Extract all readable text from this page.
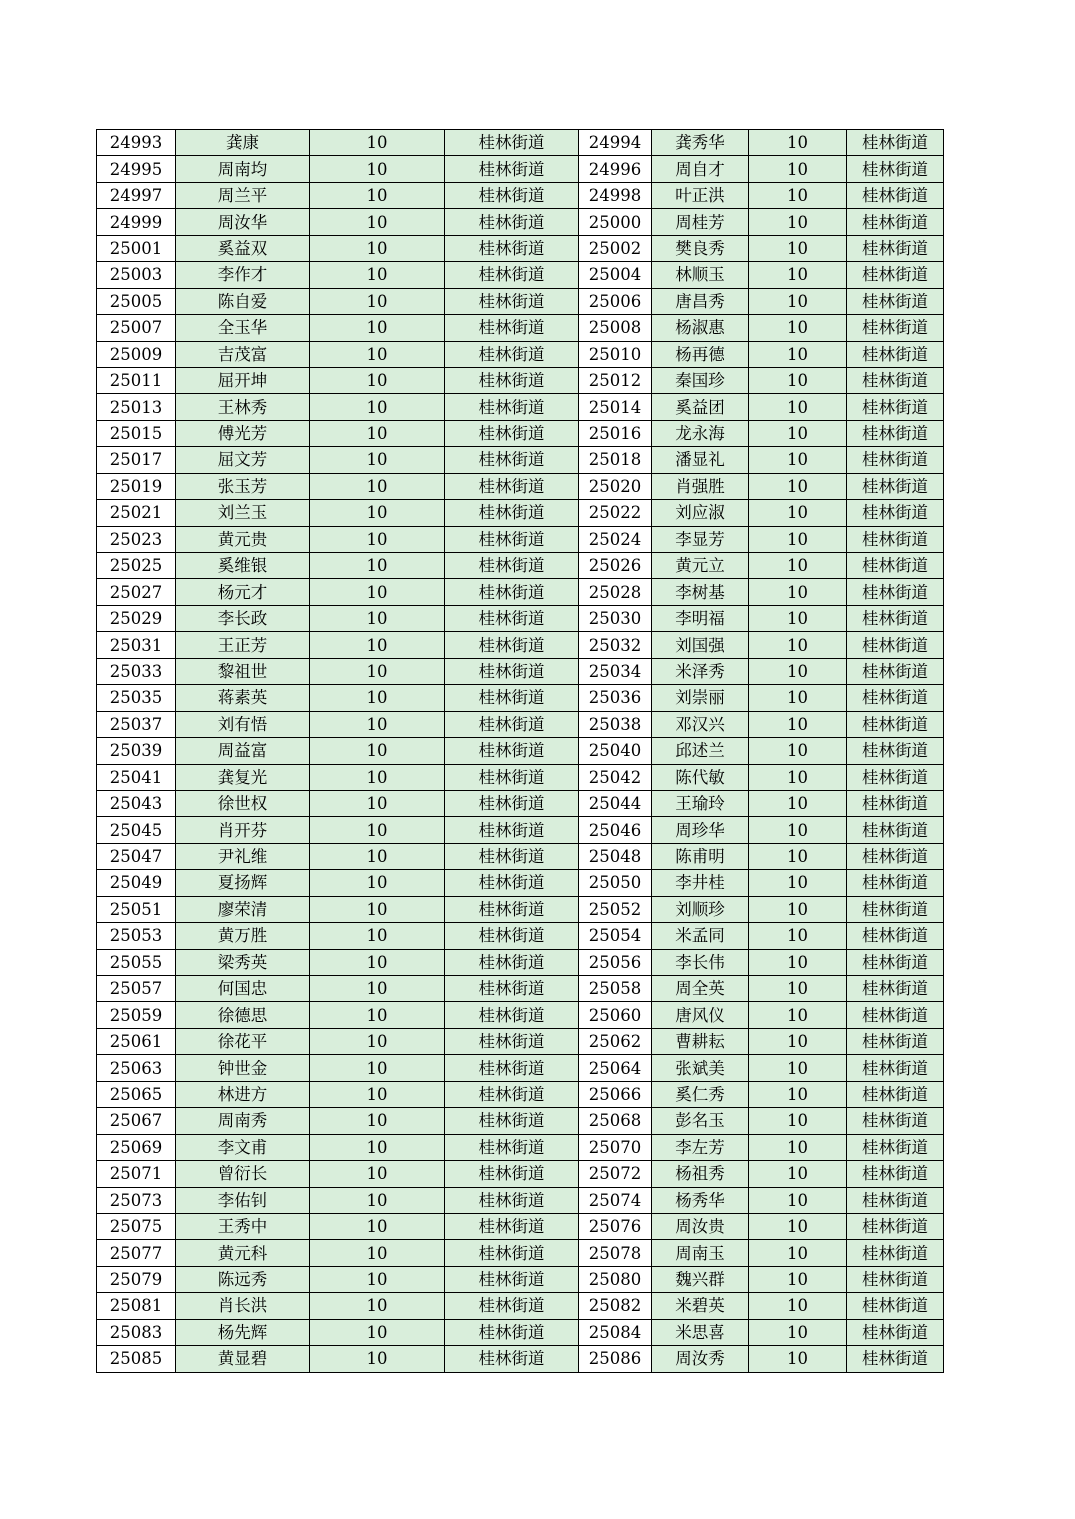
24993	龚康	10	桂林街道	24994	龚秀华	10	桂林街道
24995	周南均	10	桂林街道	24996	周自才	10	桂林街道
24997	周兰平	10	桂林街道	24998	叶正洪	10	桂林街道
24999	周汝华	10	桂林街道	25000	周桂芳	10	桂林街道
25001	奚益双	10	桂林街道	25002	樊良秀	10	桂林街道
25003	李作才	10	桂林街道	25004	林顺玉	10	桂林街道
25005	陈自爱	10	桂林街道	25006	唐昌秀	10	桂林街道
25007	全玉华	10	桂林街道	25008	杨淑惠	10	桂林街道
25009	吉茂富	10	桂林街道	25010	杨再德	10	桂林街道
25011	屈开坤	10	桂林街道	25012	秦国珍	10	桂林街道
25013	王林秀	10	桂林街道	25014	奚益团	10	桂林街道
25015	傅光芳	10	桂林街道	25016	龙永海	10	桂林街道
25017	屈文芳	10	桂林街道	25018	潘显礼	10	桂林街道
25019	张玉芳	10	桂林街道	25020	肖强胜	10	桂林街道
25021	刘兰玉	10	桂林街道	25022	刘应淑	10	桂林街道
25023	黄元贵	10	桂林街道	25024	李显芳	10	桂林街道
25025	奚维银	10	桂林街道	25026	黄元立	10	桂林街道
25027	杨元才	10	桂林街道	25028	李树基	10	桂林街道
25029	李长政	10	桂林街道	25030	李明福	10	桂林街道
25031	王正芳	10	桂林街道	25032	刘国强	10	桂林街道
25033	黎祖世	10	桂林街道	25034	米泽秀	10	桂林街道
25035	蒋素英	10	桂林街道	25036	刘崇丽	10	桂林街道
25037	刘有悟	10	桂林街道	25038	邓汉兴	10	桂林街道
25039	周益富	10	桂林街道	25040	邱述兰	10	桂林街道
25041	龚复光	10	桂林街道	25042	陈代敏	10	桂林街道
25043	徐世权	10	桂林街道	25044	王瑜玲	10	桂林街道
25045	肖开芬	10	桂林街道	25046	周珍华	10	桂林街道
25047	尹礼维	10	桂林街道	25048	陈甫明	10	桂林街道
25049	夏扬辉	10	桂林街道	25050	李井桂	10	桂林街道
25051	廖荣清	10	桂林街道	25052	刘顺珍	10	桂林街道
25053	黄万胜	10	桂林街道	25054	米孟同	10	桂林街道
25055	梁秀英	10	桂林街道	25056	李长伟	10	桂林街道
25057	何国忠	10	桂林街道	25058	周全英	10	桂林街道
25059	徐德思	10	桂林街道	25060	唐风仪	10	桂林街道
25061	徐花平	10	桂林街道	25062	曹耕耘	10	桂林街道
25063	钟世金	10	桂林街道	25064	张斌美	10	桂林街道
25065	林进方	10	桂林街道	25066	奚仁秀	10	桂林街道
25067	周南秀	10	桂林街道	25068	彭名玉	10	桂林街道
25069	李文甫	10	桂林街道	25070	李左芳	10	桂林街道
25071	曾衍长	10	桂林街道	25072	杨祖秀	10	桂林街道
25073	李佑钊	10	桂林街道	25074	杨秀华	10	桂林街道
25075	王秀中	10	桂林街道	25076	周汝贵	10	桂林街道
25077	黄元科	10	桂林街道	25078	周南玉	10	桂林街道
25079	陈远秀	10	桂林街道	25080	魏兴群	10	桂林街道
25081	肖长洪	10	桂林街道	25082	米碧英	10	桂林街道
25083	杨先辉	10	桂林街道	25084	米思喜	10	桂林街道
25085	黄显碧	10	桂林街道	25086	周汝秀	10	桂林街道
